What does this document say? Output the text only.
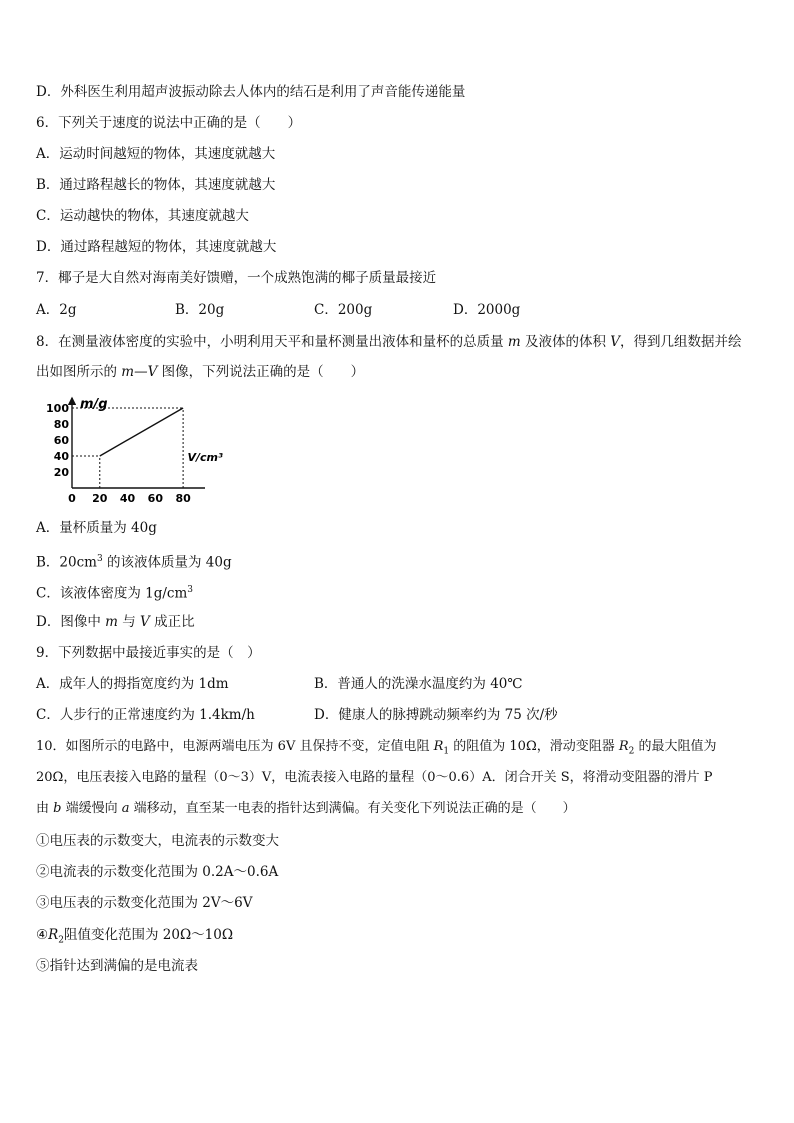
D．外科医生利用超声波振动除去人体内的结石是利用了声音能传递能量
6．下列关于速度的说法中正确的是（　　）
A．运动时间越短的物体，其速度就越大
B．通过路程越长的物体，其速度就越大
C．运动越快的物体，其速度就越大
D．通过路程越短的物体，其速度就越大
7．椰子是大自然对海南美好馈赠，一个成熟饱满的椰子质量最接近
A．2g	B．20g	C．200g	D．2000g
8．在测量液体密度的实验中，小明利用天平和量杯测量出液体和量杯的总质量 m 及液体的体积 V，得到几组数据并绘
出如图所示的 m—V 图像，下列说法正确的是（　　）
0 20 40 60 80
20
40
60
80
100 m/g
V/cm³
A．量杯质量为 40g
B．$20cm^3$ 的该液体质量为 40g
C．该液体密度为 $1g/cm^3$
D．图像中 m 与 V 成正比
9．下列数据中最接近事实的是（　）
A．成年人的拇指宽度约为 1dm	B．普通人的洗澡水温度约为 40℃
C．人步行的正常速度约为 1.4km/h	D．健康人的脉搏跳动频率约为 75 次/秒
10．如图所示的电路中，电源两端电压为 6V 且保持不变，定值电阻 $R_1$ 的阻值为 10Ω，滑动变阻器 $R_2$ 的最大阻值为
20Ω，电压表接入电路的量程（0～3）V，电流表接入电路的量程（0～0.6）A．闭合开关 S，将滑动变阻器的滑片 P
由 b 端缓慢向 a 端移动，直至某一电表的指针达到满偏。有关变化下列说法正确的是（　　）
①电压表的示数变大，电流表的示数变大
②电流表的示数变化范围为 0.2A～0.6A
③电压表的示数变化范围为 2V～6V
$④R_2$阻值变化范围为 20Ω～10Ω
⑤指针达到满偏的是电流表
